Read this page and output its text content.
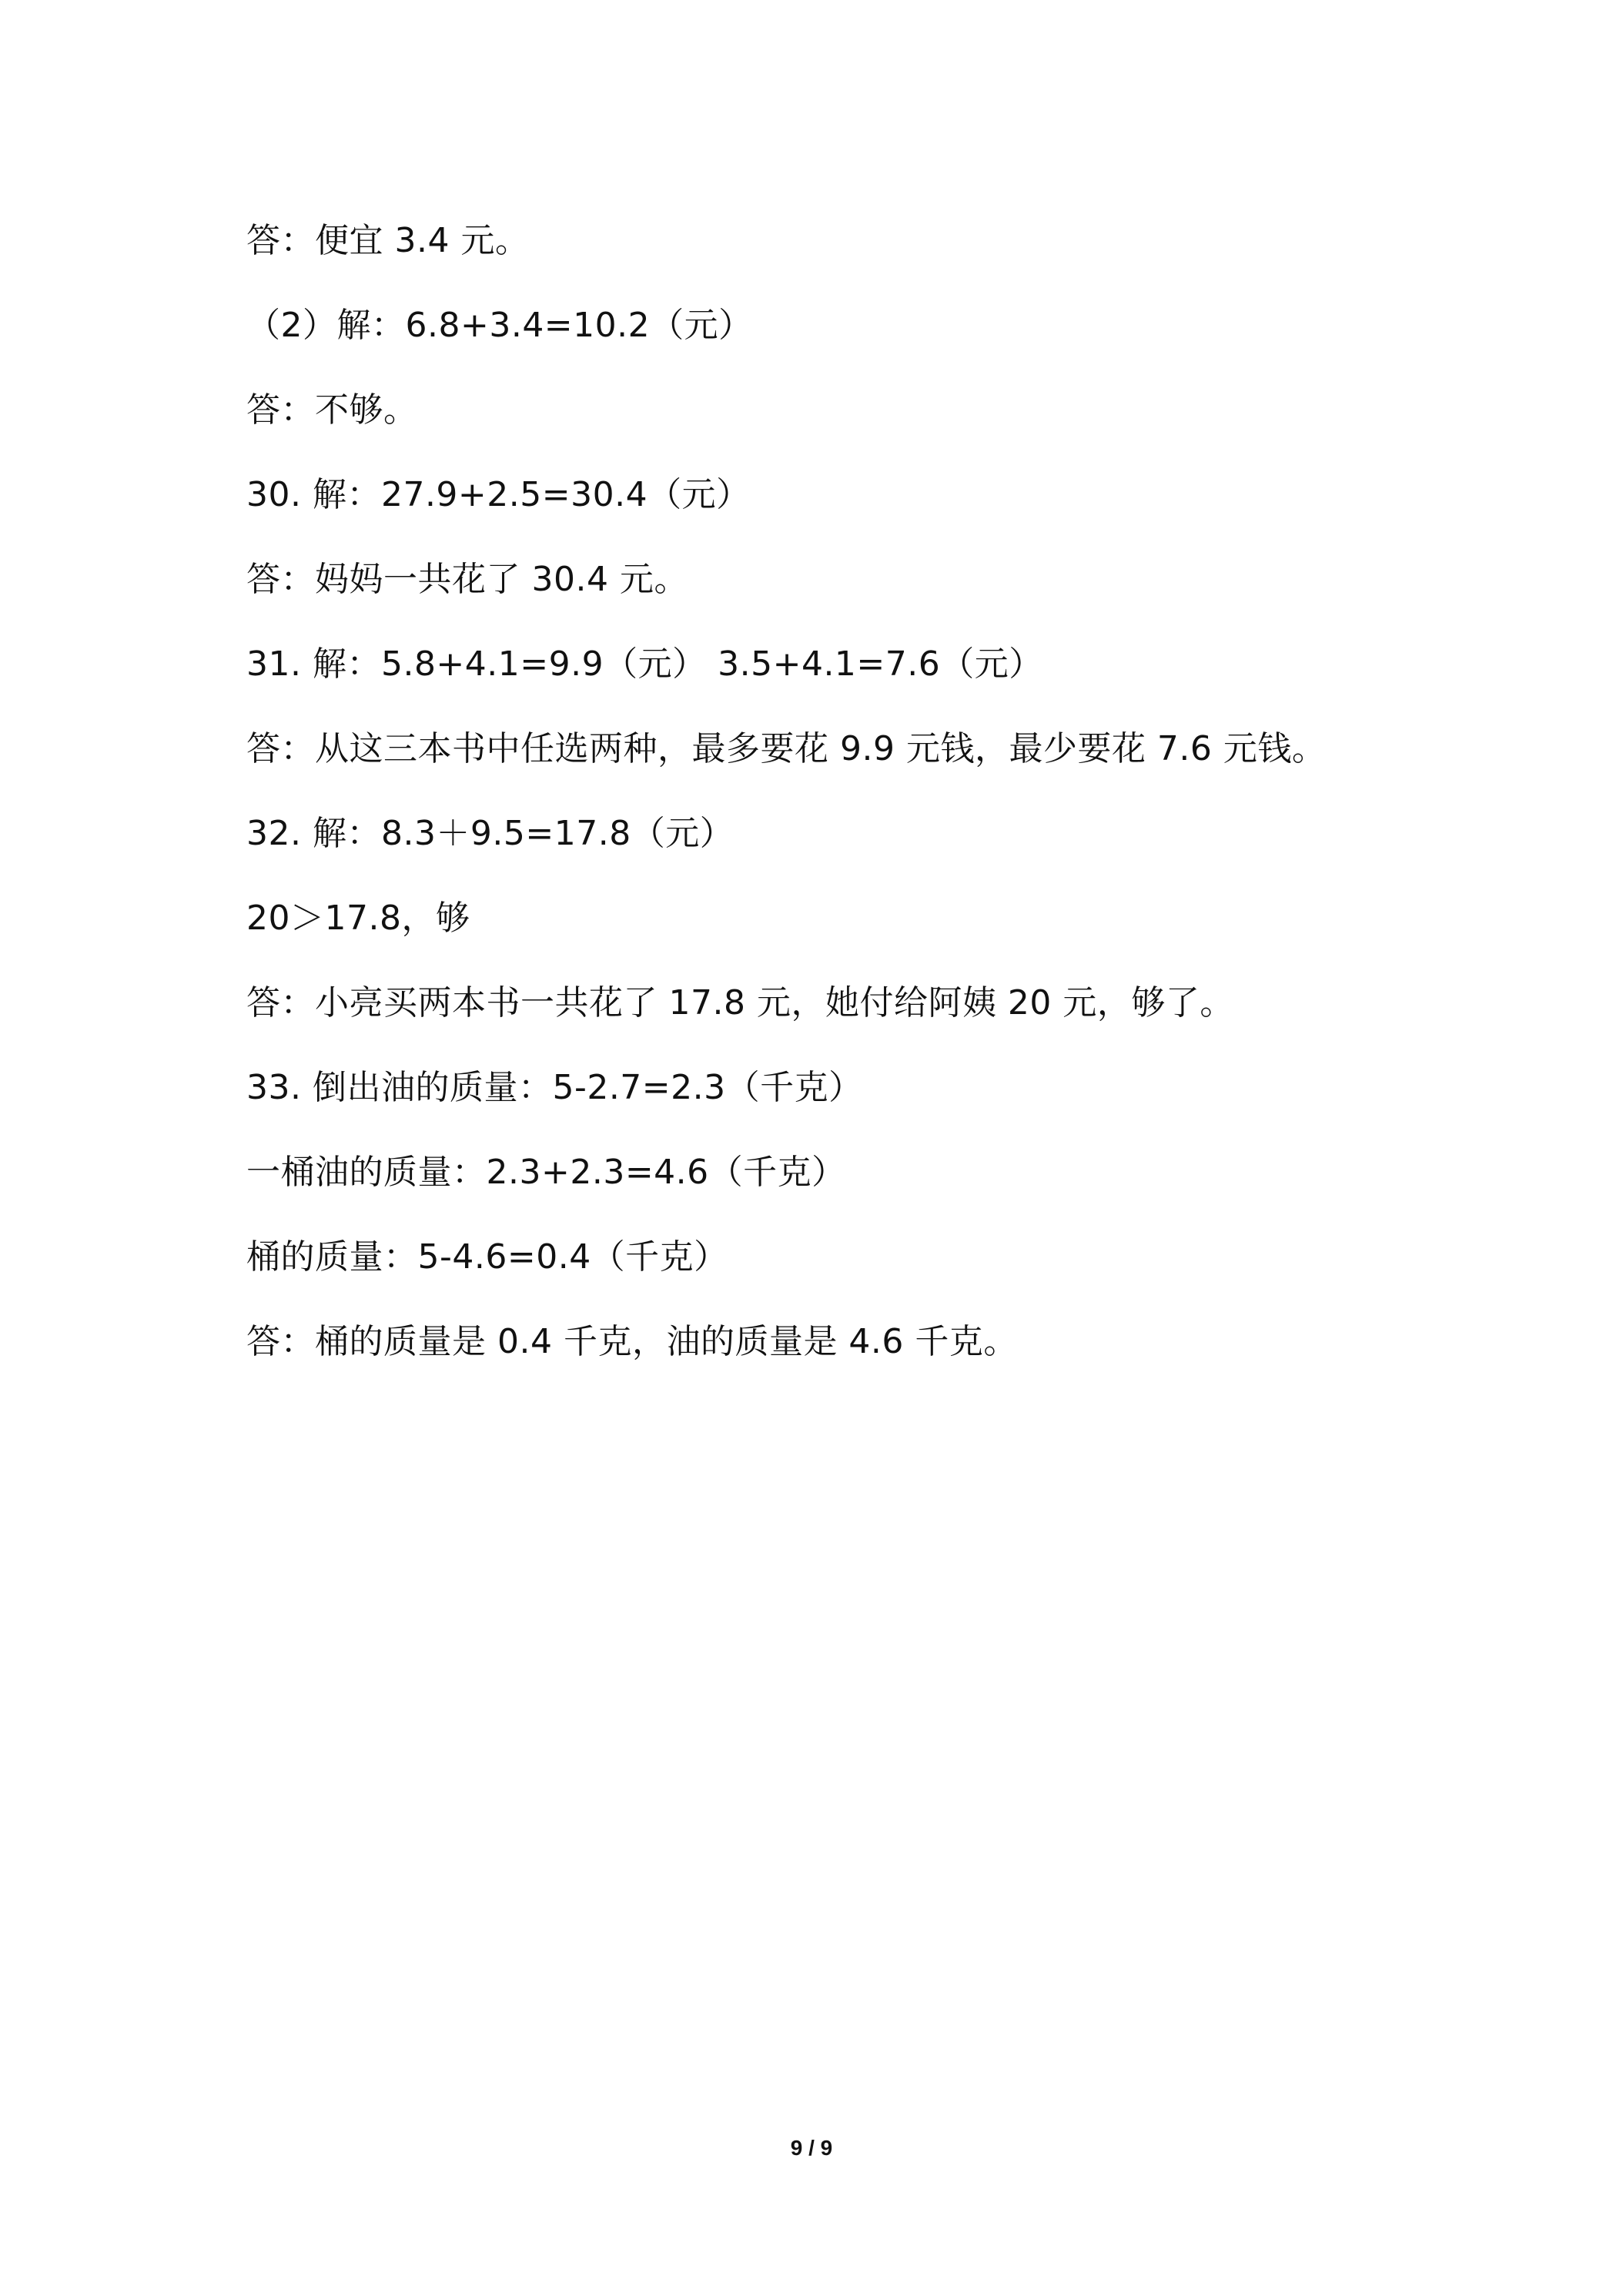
答：便宜 3.4 元。
（2）解：6.8+3.4=10.2（元）
答：不够。
30. 解：27.9+2.5=30.4（元）
答：妈妈一共花了 30.4 元。
31. 解：5.8+4.1=9.9（元） 3.5+4.1=7.6（元）
答：从这三本书中任选两种，最多要花 9.9 元钱，最少要花 7.6 元钱。
32. 解：8.3＋9.5=17.8（元）
20＞17.8，够
答：小亮买两本书一共花了 17.8 元，她付给阿姨 20 元，够了。
33. 倒出油的质量：5-2.7=2.3（千克）
一桶油的质量：2.3+2.3=4.6（千克）
桶的质量：5-4.6=0.4（千克）
答：桶的质量是 0.4 千克，油的质量是 4.6 千克。
9 / 9
